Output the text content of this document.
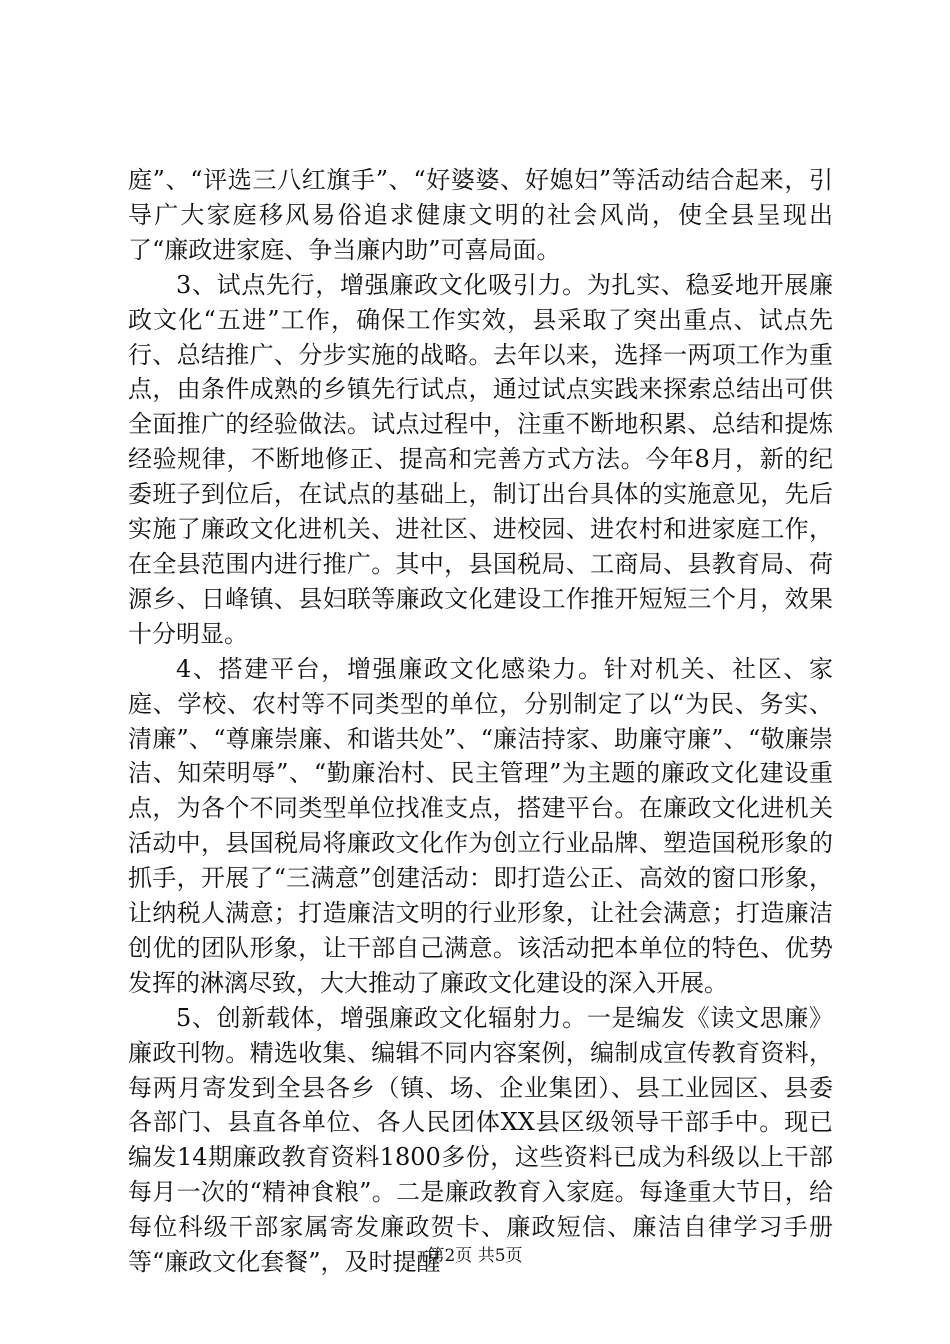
庭”、“评选三八红旗手”、“好婆婆、好媳妇”等活动结合起来，引导广大家庭移风易俗追求健康文明的社会风尚，使全县呈现出了“廉政进家庭、争当廉内助”可喜局面。

3、试点先行，增强廉政文化吸引力。为扎实、稳妥地开展廉政文化“五进”工作，确保工作实效，县采取了突出重点、试点先行、总结推广、分步实施的战略。去年以来，选择一两项工作为重点，由条件成熟的乡镇先行试点，通过试点实践来探索总结出可供全面推广的经验做法。试点过程中，注重不断地积累、总结和提炼经验规律，不断地修正、提高和完善方式方法。今年8月，新的纪委班子到位后，在试点的基础上，制订出台具体的实施意见，先后实施了廉政文化进机关、进社区、进校园、进农村和进家庭工作，在全县范围内进行推广。其中，县国税局、工商局、县教育局、荷源乡、日峰镇、县妇联等廉政文化建设工作推开短短三个月，效果十分明显。

4、搭建平台，增强廉政文化感染力。针对机关、社区、家庭、学校、农村等不同类型的单位，分别制定了以“为民、务实、清廉”、“尊廉崇廉、和谐共处”、“廉洁持家、助廉守廉”、“敬廉崇洁、知荣明辱”、“勤廉治村、民主管理”为主题的廉政文化建设重点，为各个不同类型单位找准支点，搭建平台。在廉政文化进机关活动中，县国税局将廉政文化作为创立行业品牌、塑造国税形象的抓手，开展了“三满意”创建活动：即打造公正、高效的窗口形象，让纳税人满意；打造廉洁文明的行业形象，让社会满意；打造廉洁创优的团队形象，让干部自己满意。该活动把本单位的特色、优势发挥的淋漓尽致，大大推动了廉政文化建设的深入开展。

5、创新载体，增强廉政文化辐射力。一是编发《读文思廉》廉政刊物。精选收集、编辑不同内容案例，编制成宣传教育资料，每两月寄发到全县各乡（镇、场、企业集团）、县工业园区、县委各部门、县直各单位、各人民团体XX县区级领导干部手中。现已编发14期廉政教育资料1800多份，这些资料已成为科级以上干部每月一次的“精神食粮”。二是廉政教育入家庭。每逢重大节日，给每位科级干部家属寄发廉政贺卡、廉政短信、廉洁自律学习手册等“廉政文化套餐”，及时提醒

第2页 共5页
